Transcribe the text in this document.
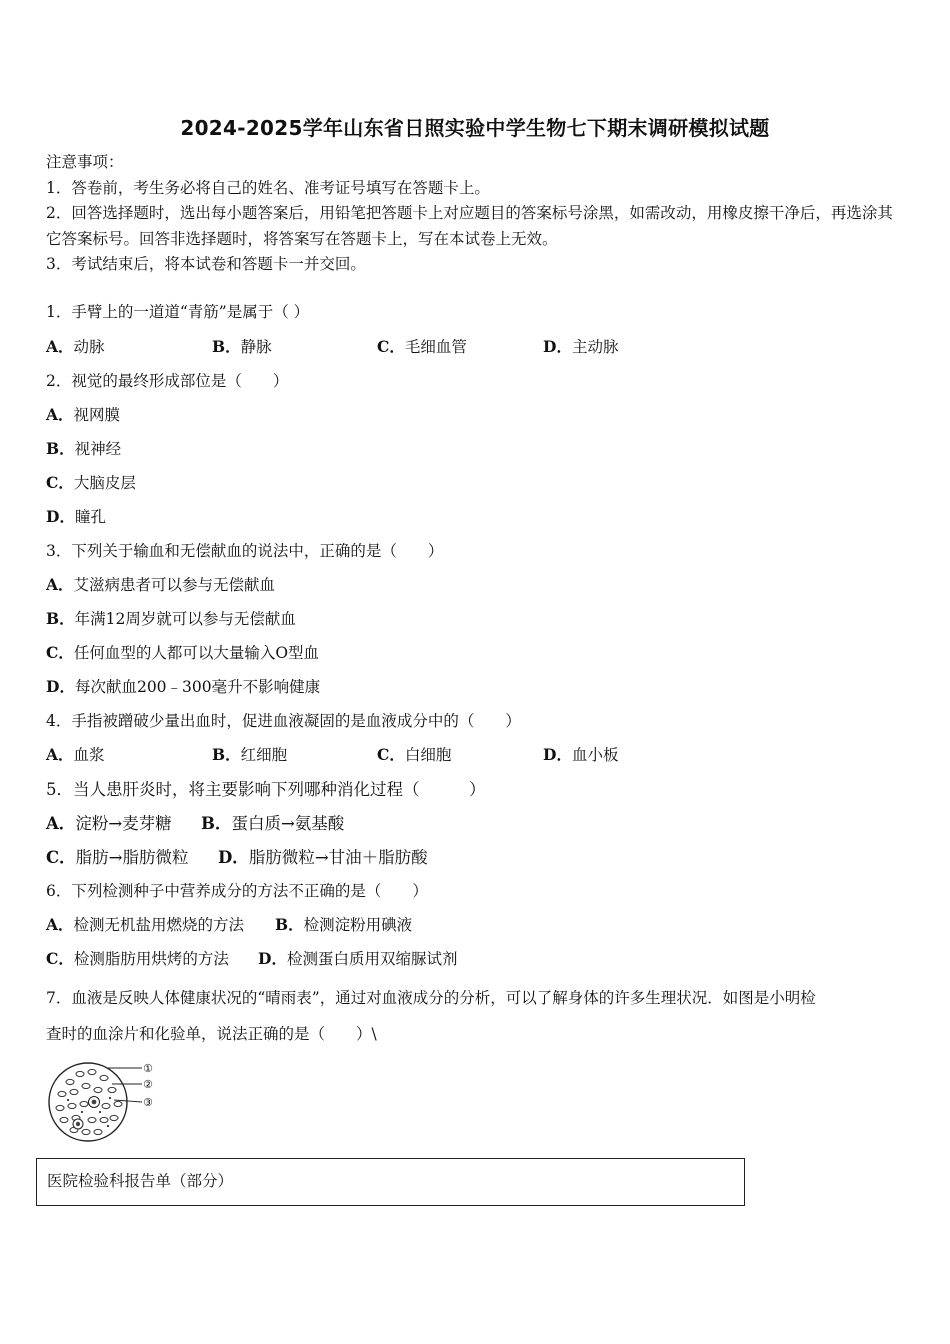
2024-2025学年山东省日照实验中学生物七下期末调研模拟试题

注意事项：

1．答卷前，考生务必将自己的姓名、准考证号填写在答题卡上。

2．回答选择题时，选出每小题答案后，用铅笔把答题卡上对应题目的答案标号涂黑，如需改动，用橡皮擦干净后，再选涂其它答案标号。回答非选择题时，将答案写在答题卡上，写在本试卷上无效。

3．考试结束后，将本试卷和答题卡一并交回。

1．手臂上的一道道“青筋”是属于（ ）
A．动脉	B．静脉	C．毛细血管	D．主动脉
2．视觉的最终形成部位是（　　）
A．视网膜
B．视神经
C．大脑皮层
D．瞳孔
3．下列关于输血和无偿献血的说法中，正确的是（　　）
A．艾滋病患者可以参与无偿献血
B．年满12周岁就可以参与无偿献血
C．任何血型的人都可以大量输入O型血
D．每次献血200﹣300毫升不影响健康
4．手指被蹭破少量出血时，促进血液凝固的是血液成分中的（　　）
A．血浆	B．红细胞	C．白细胞	D．血小板
5．当人患肝炎时，将主要影响下列哪种消化过程（　　　）
A．淀粉→麦芽糖 B．蛋白质→氨基酸
C．脂肪→脂肪微粒 D．脂肪微粒→甘油＋脂肪酸
6．下列检测种子中营养成分的方法不正确的是（　　）
A．检测无机盐用燃烧的方法 B．检测淀粉用碘液
C．检测脂肪用烘烤的方法 D．检测蛋白质用双缩脲试剂

7．血液是反映人体健康状况的“晴雨表”，通过对血液成分的分析，可以了解身体的许多生理状况．如图是小明检

查时的血涂片和化验单，说法正确的是（　　）\

①
②
③
医院检验科报告单（部分）
